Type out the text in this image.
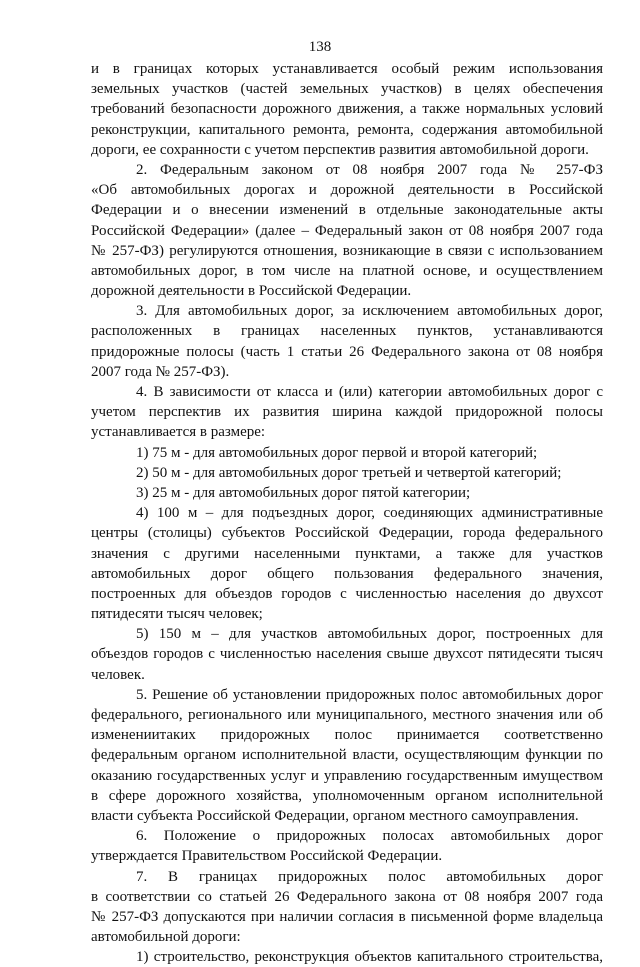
138
и в границах которых устанавливается особый режим использования
земельных участков (частей земельных участков) в целях обеспечения
требований безопасности дорожного движения, а также нормальных условий
реконструкции, капитального ремонта, ремонта, содержания автомобильной
дороги, ее сохранности с учетом перспектив развития автомобильной дороги.
2. Федеральным законом от 08 ноября 2007 года № 257-ФЗ
«Об автомобильных дорогах и дорожной деятельности в Российской
Федерации и о внесении изменений в отдельные законодательные акты
Российской Федерации» (далее – Федеральный закон от 08 ноября 2007 года
№ 257-ФЗ) регулируются отношения, возникающие в связи с использованием
автомобильных дорог, в том числе на платной основе, и осуществлением
дорожной деятельности в Российской Федерации.
3. Для автомобильных дорог, за исключением автомобильных дорог,
расположенных в границах населенных пунктов, устанавливаются
придорожные полосы (часть 1 статьи 26 Федерального закона от 08 ноября
2007 года № 257-ФЗ).
4. В зависимости от класса и (или) категории автомобильных дорог с
учетом перспектив их развития ширина каждой придорожной полосы
устанавливается в размере:
1) 75 м - для автомобильных дорог первой и второй категорий;
2) 50 м - для автомобильных дорог третьей и четвертой категорий;
3) 25 м - для автомобильных дорог пятой категории;
4) 100 м – для подъездных дорог, соединяющих административные
центры (столицы) субъектов Российской Федерации, города федерального
значения с другими населенными пунктами, а также для участков
автомобильных дорог общего пользования федерального значения,
построенных для объездов городов с численностью населения до двухсот
пятидесяти тысяч человек;
5) 150 м – для участков автомобильных дорог, построенных для
объездов городов с численностью населения свыше двухсот пятидесяти тысяч
человек.
5. Решение об установлении придорожных полос автомобильных дорог
федерального, регионального или муниципального, местного значения или об
изменениитаких придорожных полос принимается соответственно
федеральным органом исполнительной власти, осуществляющим функции по
оказанию государственных услуг и управлению государственным имуществом
в сфере дорожного хозяйства, уполномоченным органом исполнительной
власти субъекта Российской Федерации, органом местного самоуправления.
6. Положение о придорожных полосах автомобильных дорог
утверждается Правительством Российской Федерации.
7. В границах придорожных полос автомобильных дорог
в соответствии со статьей 26 Федерального закона от 08 ноября 2007 года
№ 257-ФЗ допускаются при наличии согласия в письменной форме владельца
автомобильной дороги:
1) строительство, реконструкция объектов капитального строительства,
